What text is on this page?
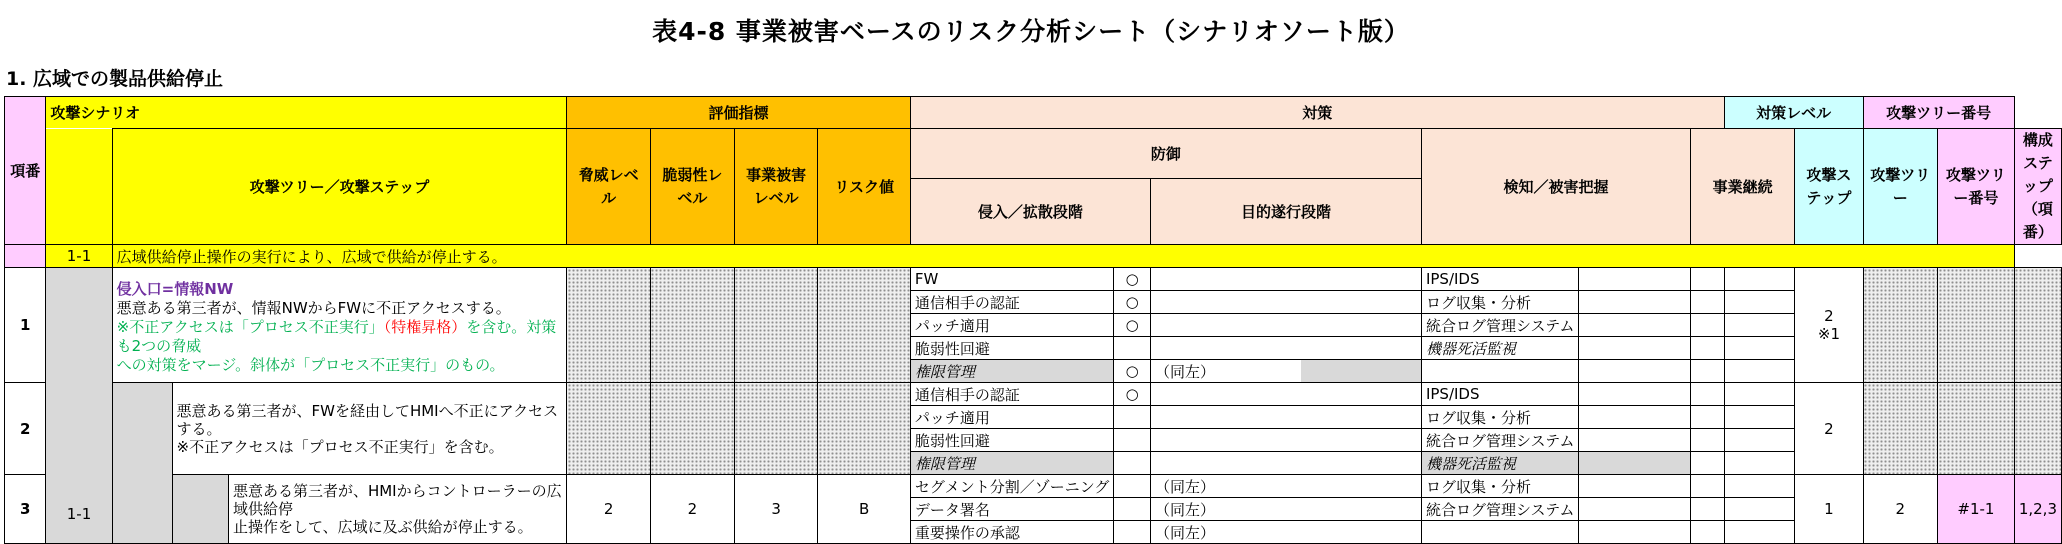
表4-8 事業被害ベースのリスク分析シート（シナリオソート版）
1. 広域での製品供給停止
項番	攻撃シナリオ				評価指標				対策							対策レベル		攻撃ツリー番号		
		攻撃ツリー／攻撃ステップ			脅威レベル	脆弱性レベル	事業被害レベル	リスク値	防御				検知／被害把握		事業継続		攻撃ステップ	攻撃ツリー	攻撃ツリー番号	構成ステップ（項番）
									侵入／拡散段階		目的遂行段階									
	1-1	広域供給停止操作の実行により、広域で供給が停止する。																		
1	1-1	侵入口=情報NW
悪意ある第三者が、情報NWからFWに不正アクセスする。
※不正アクセスは「プロセス不正実行」（特権昇格）を含む。対策も2つの脅威
への対策をマージ。斜体が「プロセス不正実行」のもの。							FW	○			IPS/IDS				2
※1			
									通信相手の認証	○			ログ収集・分析							
									パッチ適用	○			統合ログ管理システム							
									脆弱性回避				機器死活監視							
									権限管理	○	（同左）									
2			悪意ある第三者が、FWを経由してHMIへ不正にアクセスする。
※不正アクセスは「プロセス不正実行」を含む。						通信相手の認証	○			IPS/IDS				2			
									パッチ適用				ログ収集・分析							
									脆弱性回避				統合ログ管理システム							
									権限管理				機器死活監視							
3				悪意ある第三者が、HMIからコントローラーの広域供給停
止操作をして、広域に及ぶ供給が停止する。	2	2	3	B	セグメント分割／ゾーニング		（同左）		ログ収集・分析				1	2	#1-1	1,2,3
									データ署名		（同左）		統合ログ管理システム							
									重要操作の承認		（同左）									
